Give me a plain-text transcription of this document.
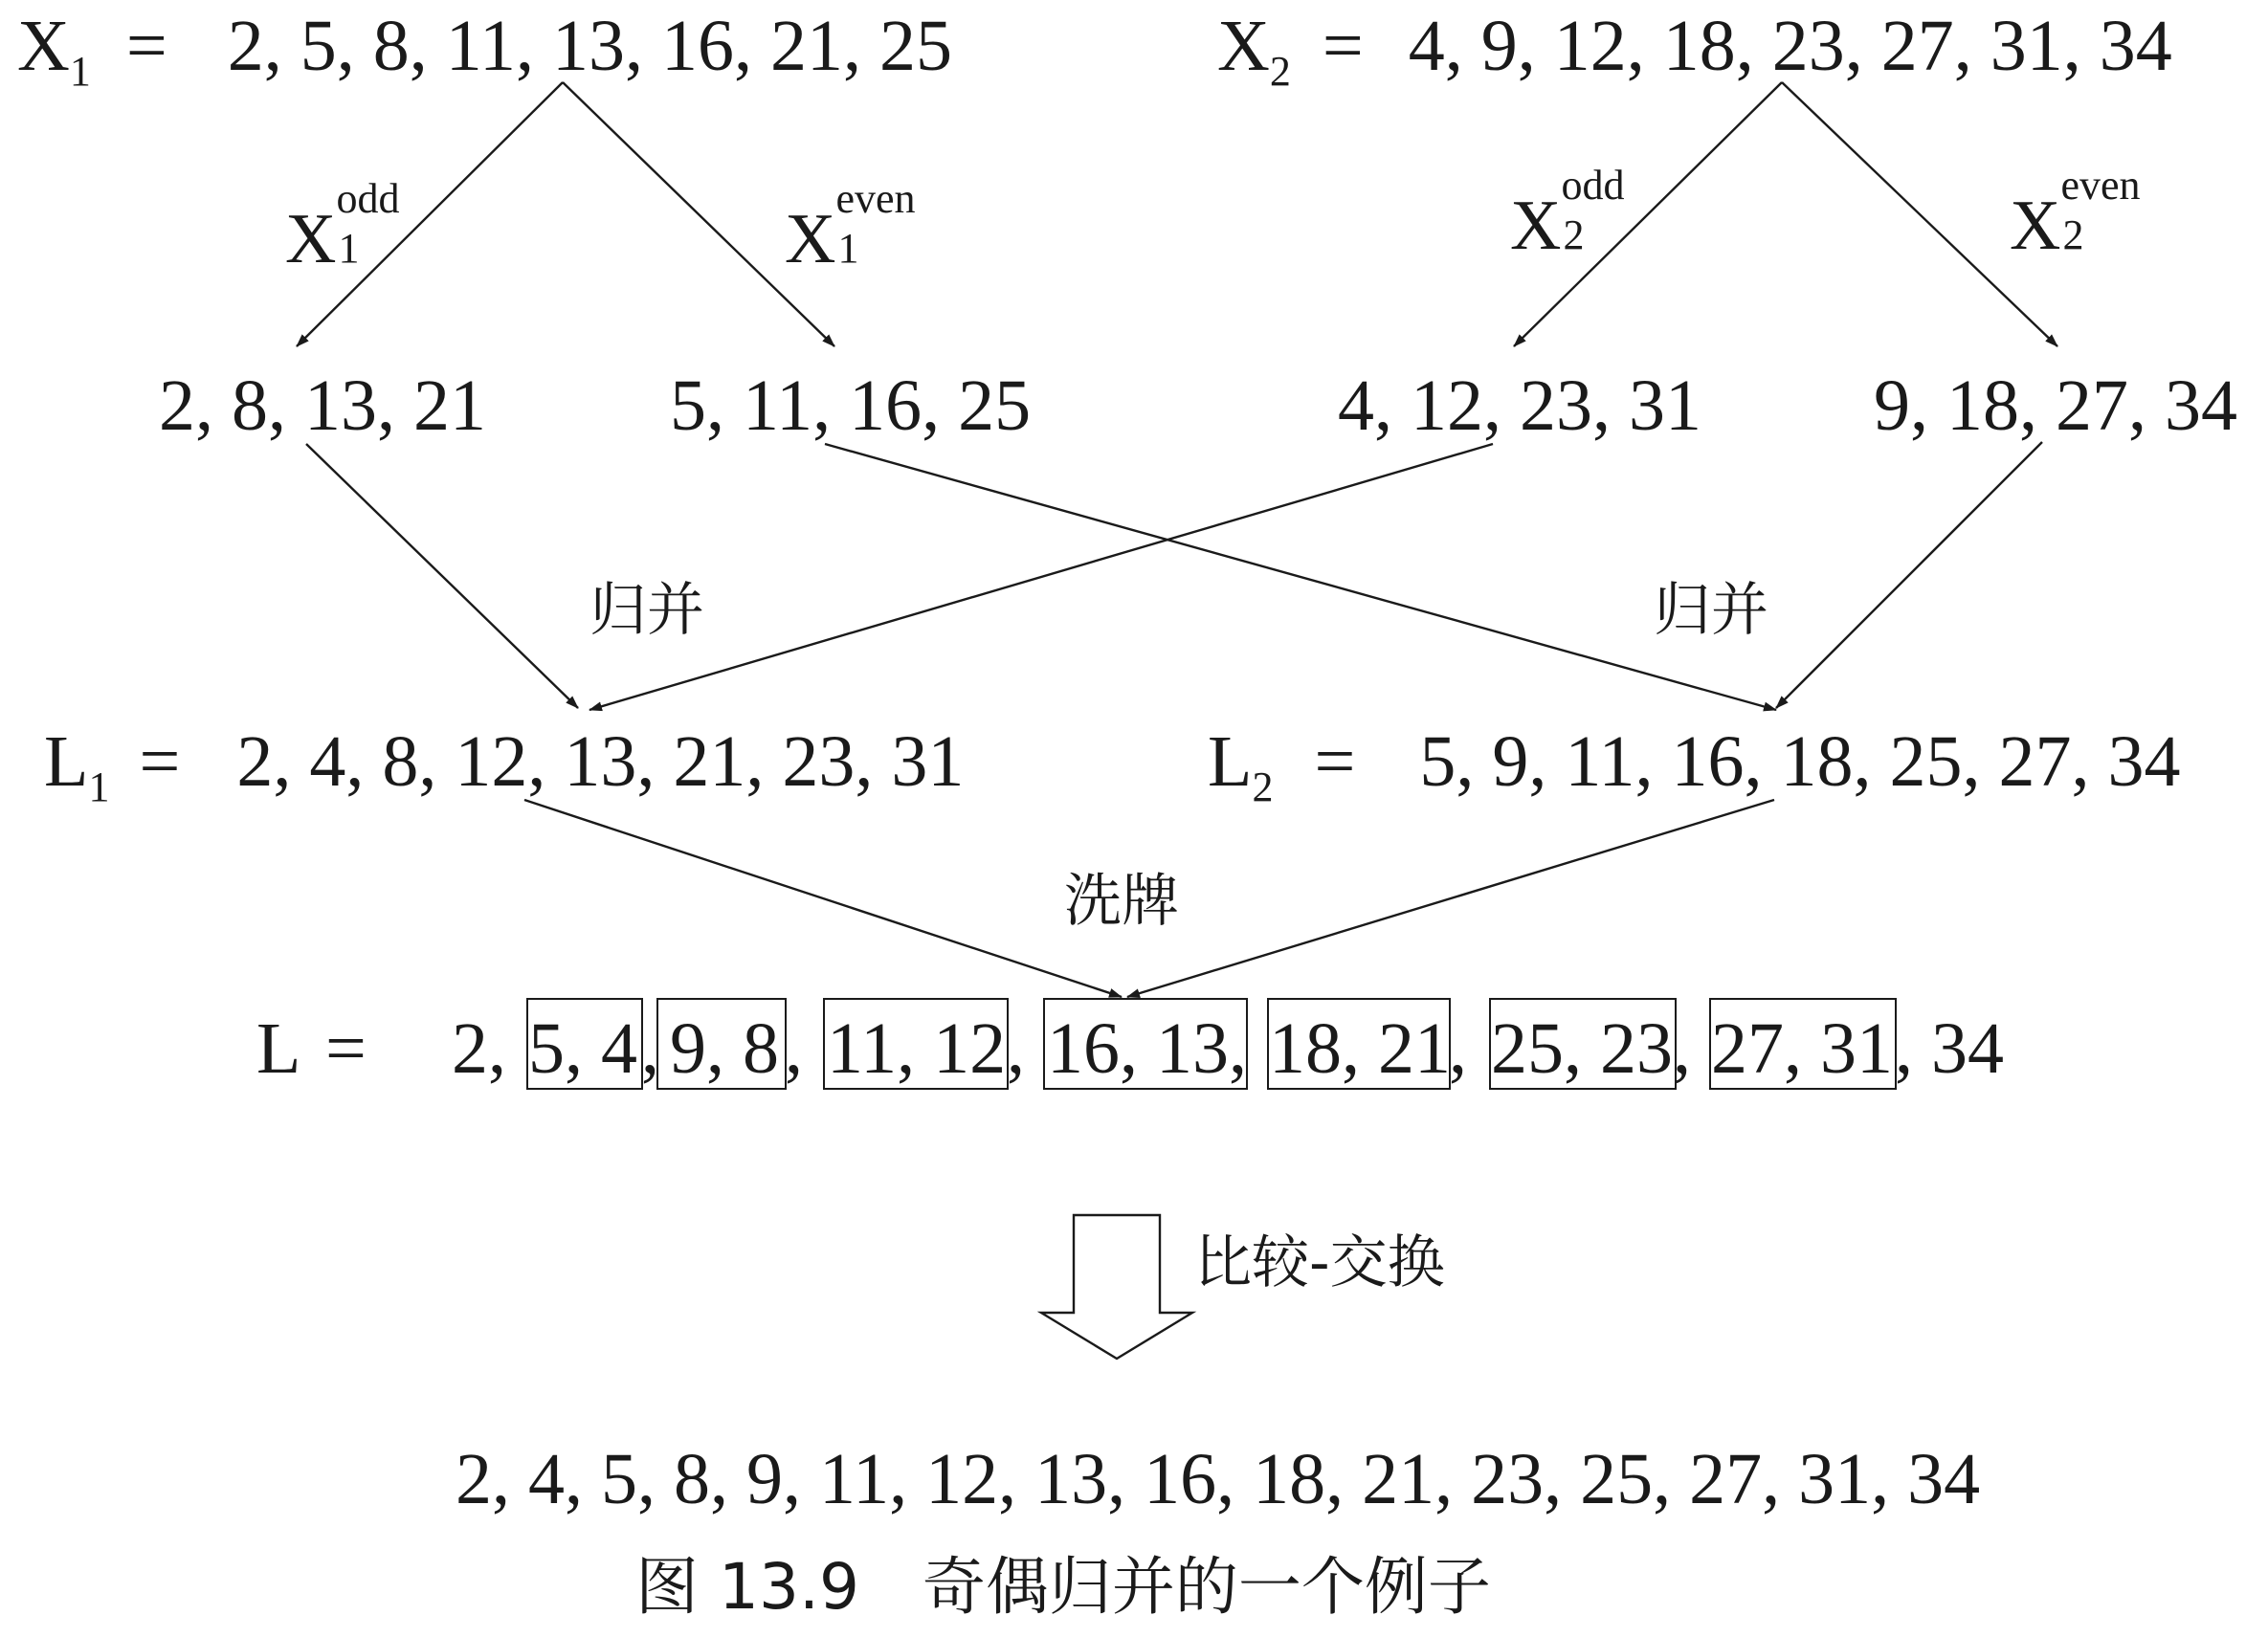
$X_1 = 2$, 5, 8, 11, 13, 16, 21, 25	$X_2 = 4$, 9, 12, 18, 23, 27, 31, 34
X
odd
1	X
even
1	X
odd
2	X
even
2
2, 8, 13, 21	5, 11, 16, 25	4, 12, 23, 31 9, 18, 27, 34
归并	归并
$L_1 = 2$, 4, 8, 12, 13, 21, 23, 31	$L_2 = 5$, 9, 11, 16, 18, 25, 27, 34
洗牌
L = 2, 5, 4 , 9, 8 , 11, 12 , 16, 13, 18, 21
, 25, 23 , 27, 31 , 34
比较-交换
2, 4, 5, 8, 9, 11, 12, 13, 16, 18, 21, 23, 25, 27, 31, 34
图 13.9　奇偶归并的一个例子
